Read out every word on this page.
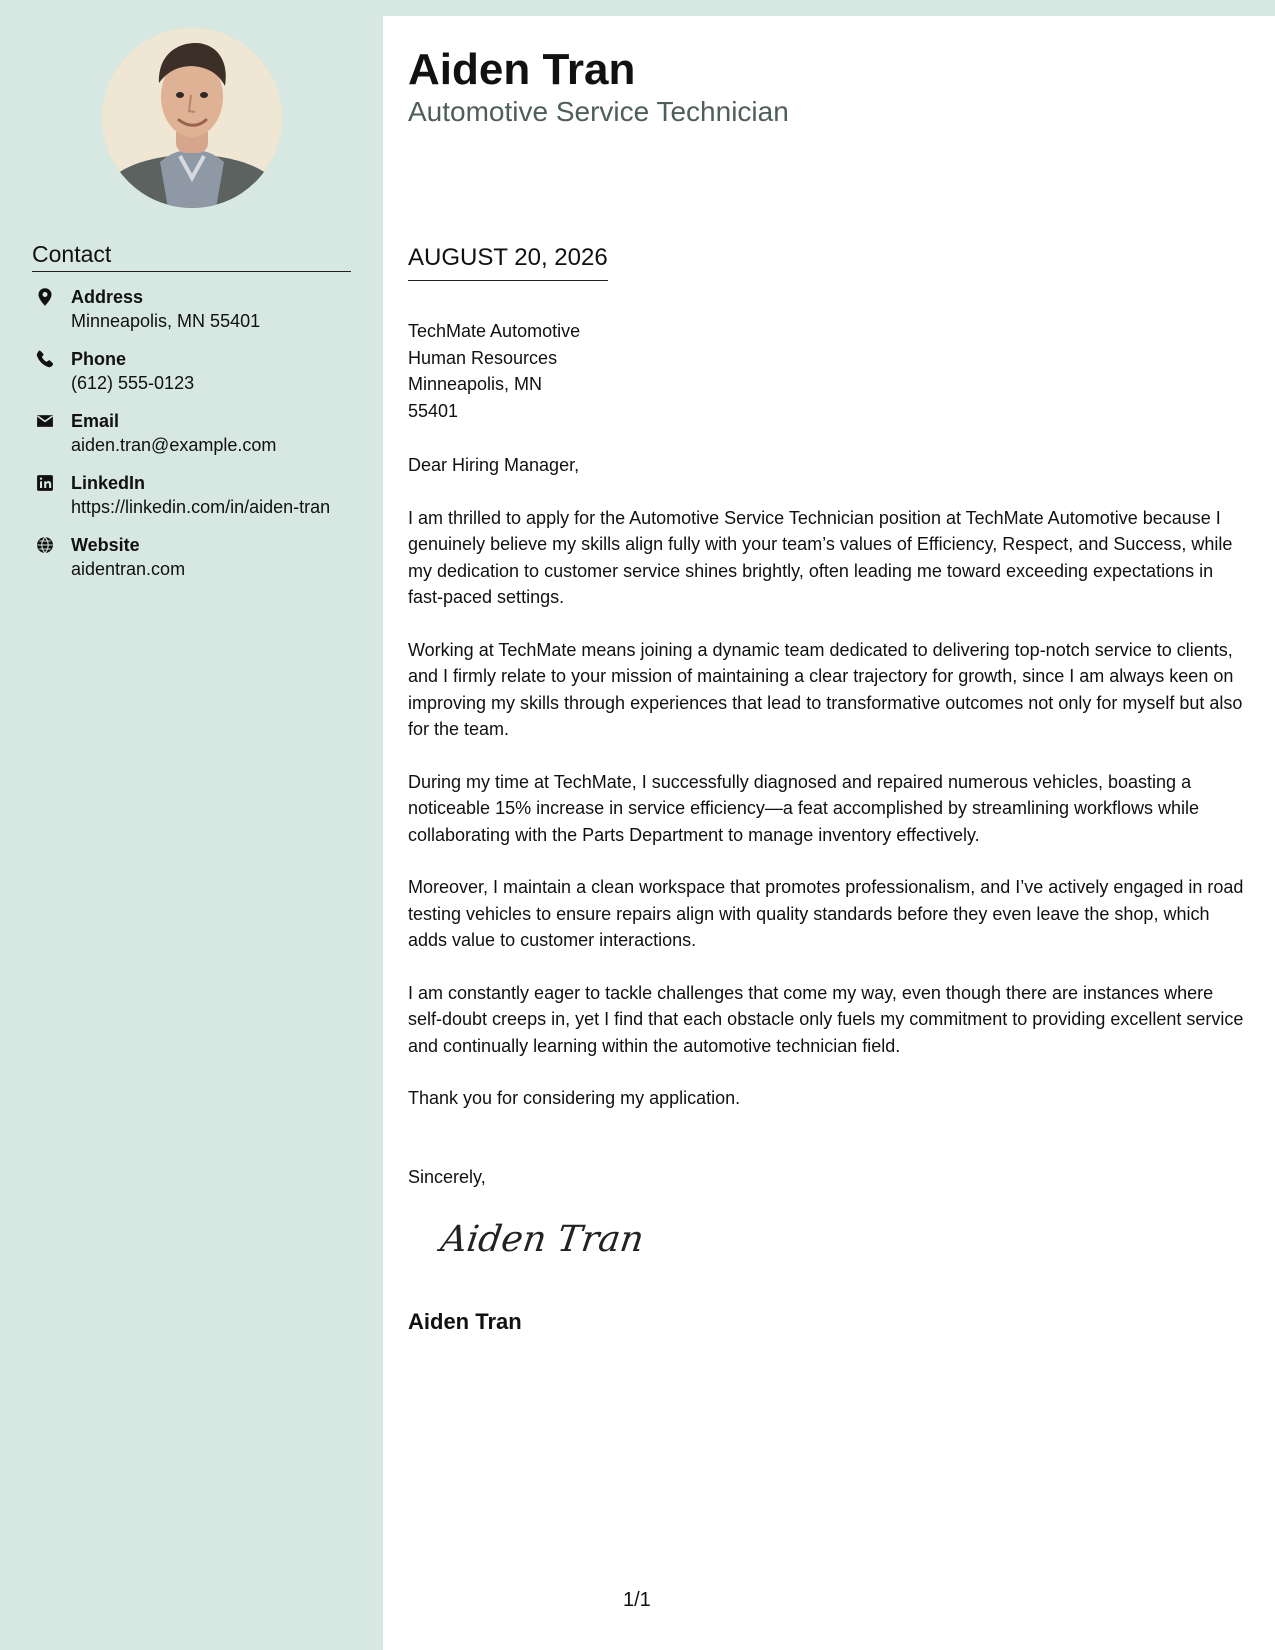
Contact
Address
Minneapolis, MN 55401
Phone
(612) 555-0123
Email
aiden.tran@example.com
LinkedIn
https://linkedin.com/in/aiden-tran
Website
aidentran.com
Aiden Tran
Automotive Service Technician
AUGUST 20, 2026
TechMate Automotive
Human Resources
Minneapolis, MN
55401

Dear Hiring Manager,

I am thrilled to apply for the Automotive Service Technician position at TechMate Automotive because I genuinely believe my skills align fully with your team’s values of Efficiency, Respect, and Success, while my dedication to customer service shines brightly, often leading me toward exceeding expectations in fast-paced settings.

Working at TechMate means joining a dynamic team dedicated to delivering top-notch service to clients, and I firmly relate to your mission of maintaining a clear trajectory for growth, since I am always keen on improving my skills through experiences that lead to transformative outcomes not only for myself but also for the team.

During my time at TechMate, I successfully diagnosed and repaired numerous vehicles, boasting a noticeable 15% increase in service efficiency—a feat accomplished by streamlining workflows while collaborating with the Parts Department to manage inventory effectively.

Moreover, I maintain a clean workspace that promotes professionalism, and I’ve actively engaged in road testing vehicles to ensure repairs align with quality standards before they even leave the shop, which adds value to customer interactions.

I am constantly eager to tackle challenges that come my way, even though there are instances where self-doubt creeps in, yet I find that each obstacle only fuels my commitment to providing excellent service and continually learning within the automotive technician field.

Thank you for considering my application.

Sincerely,
Aiden Tran
Aiden Tran
1/1
